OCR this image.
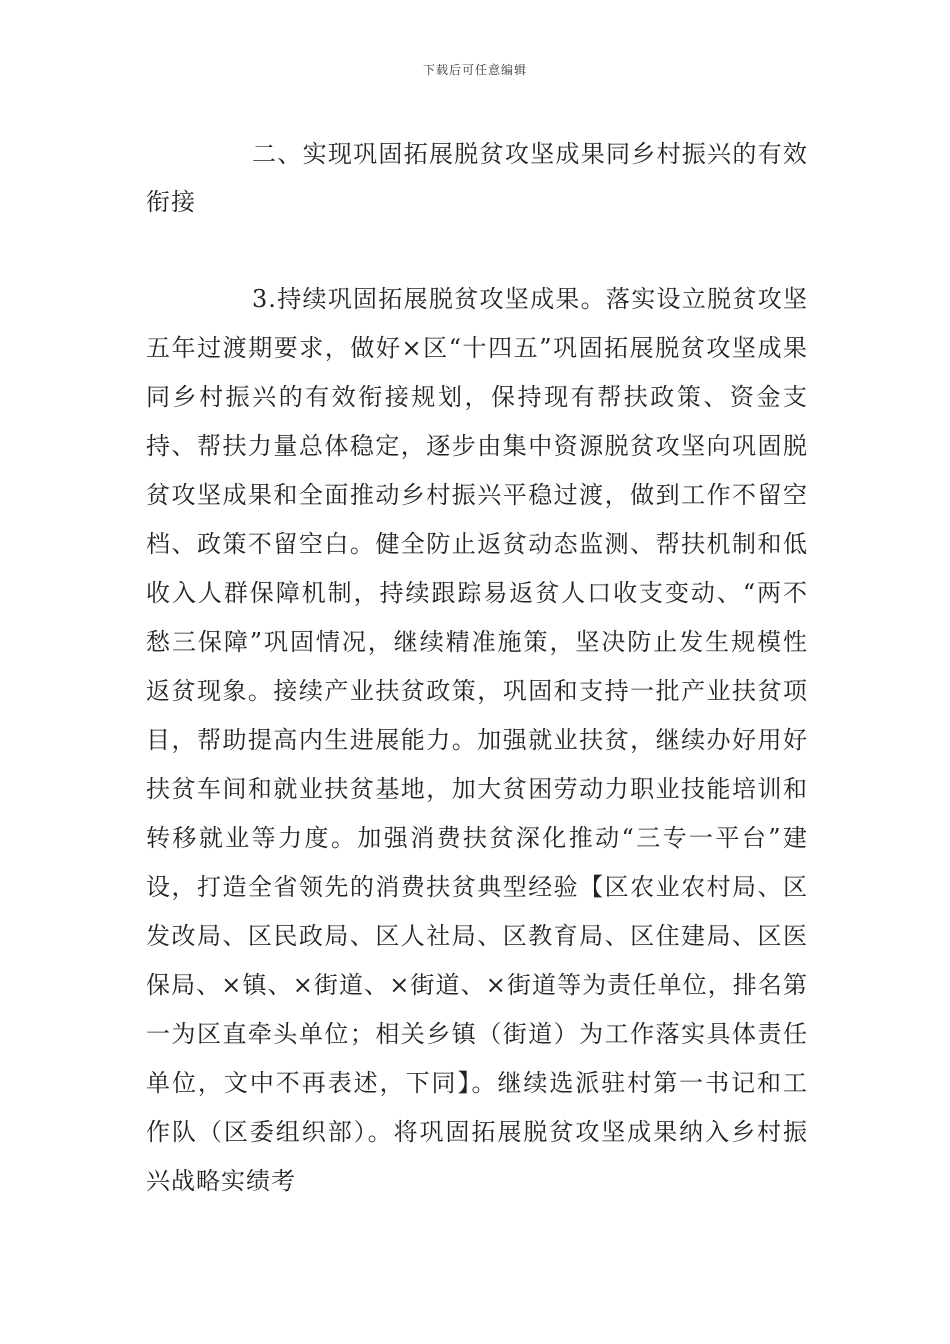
下载后可任意编辑
二、实现巩固拓展脱贫攻坚成果同乡村振兴的有效衔接

3.持续巩固拓展脱贫攻坚成果。落实设立脱贫攻坚五年过渡期要求，做好×区“十四五”巩固拓展脱贫攻坚成果同乡村振兴的有效衔接规划，保持现有帮扶政策、资金支持、帮扶力量总体稳定，逐步由集中资源脱贫攻坚向巩固脱贫攻坚成果和全面推动乡村振兴平稳过渡，做到工作不留空档、政策不留空白。健全防止返贫动态监测、帮扶机制和低收入人群保障机制，持续跟踪易返贫人口收支变动、“两不愁三保障”巩固情况，继续精准施策，坚决防止发生规模性返贫现象。接续产业扶贫政策，巩固和支持一批产业扶贫项目，帮助提高内生进展能力。加强就业扶贫，继续办好用好扶贫车间和就业扶贫基地，加大贫困劳动力职业技能培训和转移就业等力度。加强消费扶贫深化推动“三专一平台”建设，打造全省领先的消费扶贫典型经验【区农业农村局、区发改局、区民政局、区人社局、区教育局、区住建局、区医保局、×镇、×街道、×街道、×街道等为责任单位，排名第一为区直牵头单位；相关乡镇（街道）为工作落实具体责任单位，文中不再表述，下同】。继续选派驻村第一书记和工作队（区委组织部）。将巩固拓展脱贫攻坚成果纳入乡村振兴战略实绩考
